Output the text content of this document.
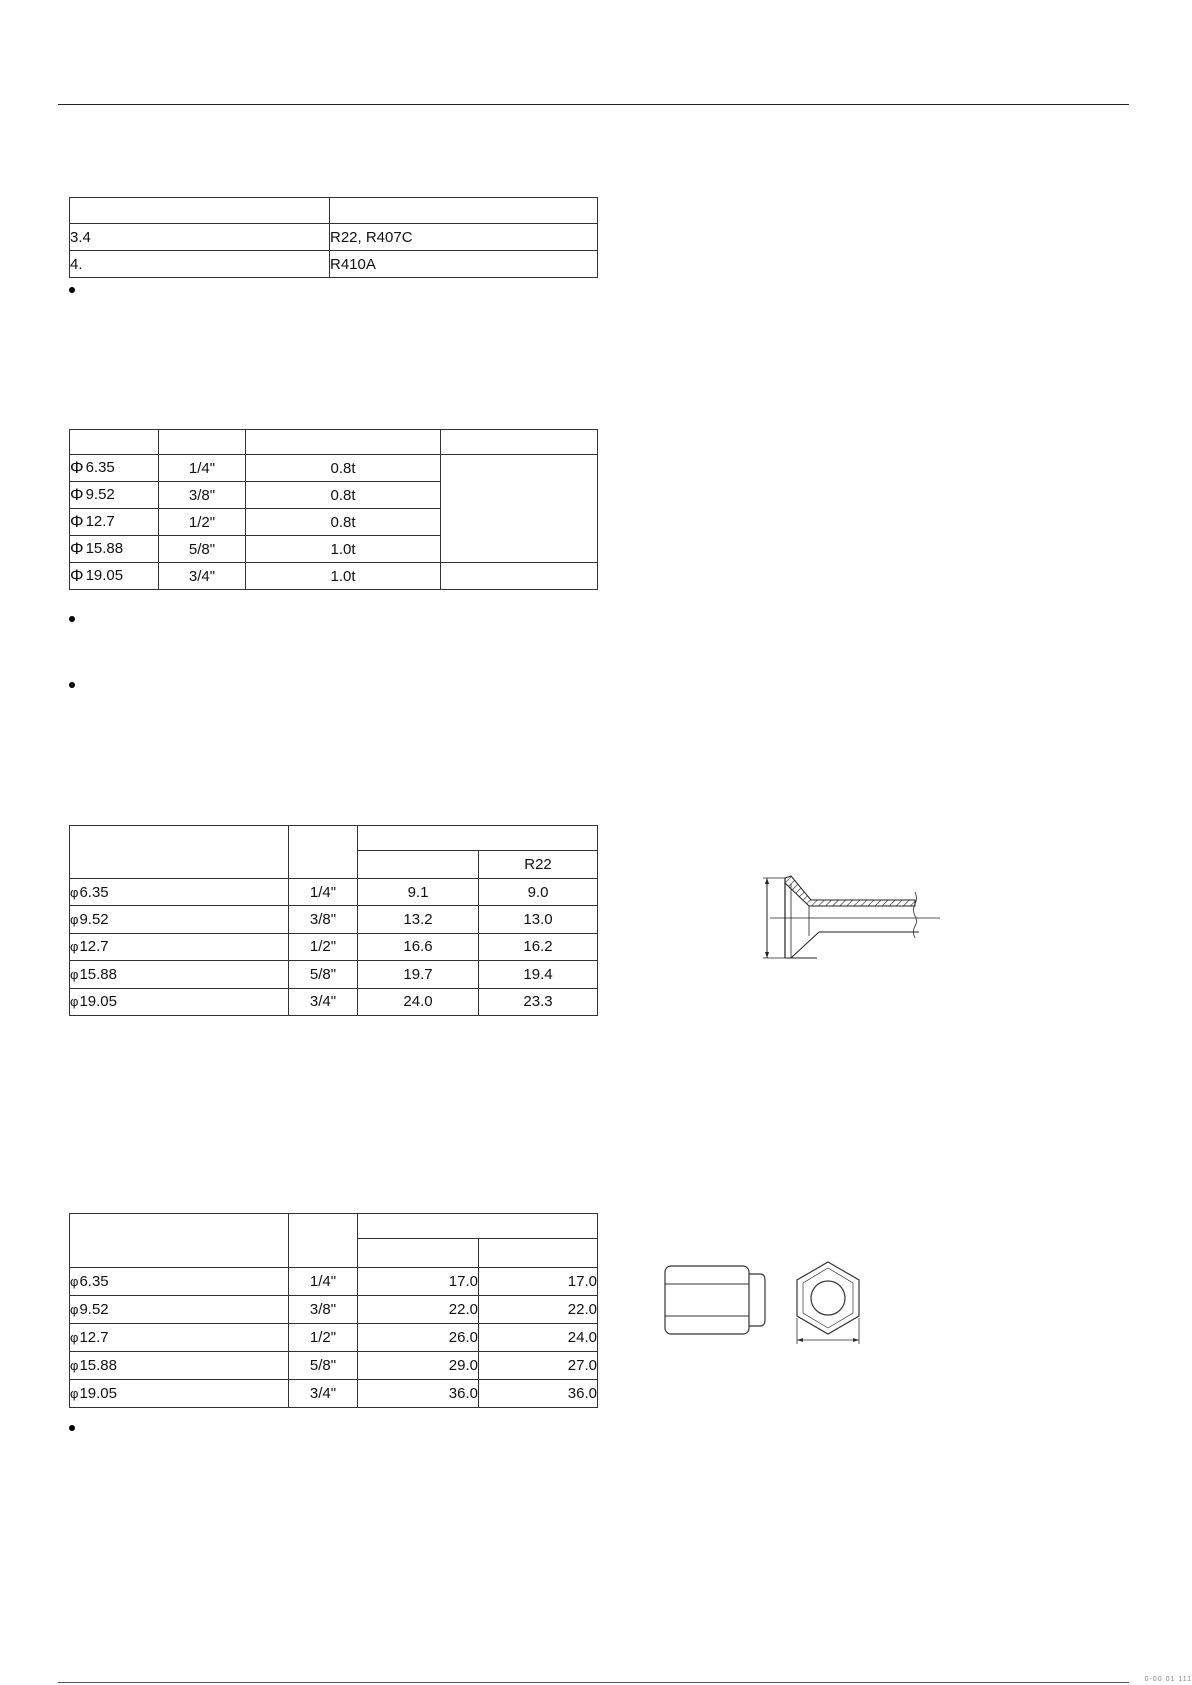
3.4	R22, R407C
4.	R410A

Φ 6.35	1/4"	0.8t	
Φ 9.52	3/8"	0.8t	
Φ 12.7	1/2"	0.8t	
Φ 15.88	5/8"	1.0t	
Φ 19.05	3/4"	1.0t	

			R22
φ6.35	1/4"	9.1	9.0
φ9.52	3/8"	13.2	13.0
φ12.7	1/2"	16.6	16.2
φ15.88	5/8"	19.7	19.4
φ19.05	3/4"	24.0	23.3

φ6.35	1/4"	17.0	17.0
φ9.52	3/8"	22.0	22.0
φ12.7	1/2"	26.0	24.0
φ15.88	5/8"	29.0	27.0
φ19.05	3/4"	36.0	36.0
0-00 01 111
